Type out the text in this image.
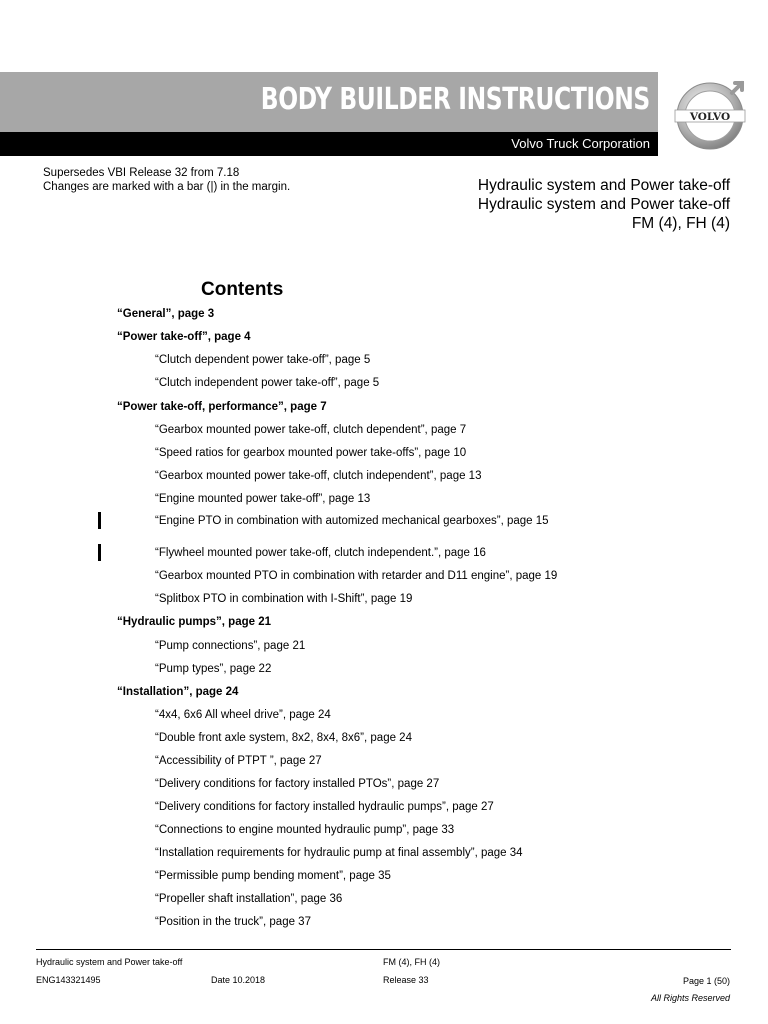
BODY BUILDER INSTRUCTIONS
Volvo Truck Corporation
VOLVO
Supersedes VBI Release 32 from 7.18
Changes are marked with a bar (|) in the margin.	Hydraulic system and Power take-off
Hydraulic system and Power take-off
FM (4), FH (4)
Contents
“General”, page 3
“Power take-off”, page 4
“Clutch dependent power take-off”, page 5
“Clutch independent power take-off”, page 5
“Power take-off, performance”, page 7
“Gearbox mounted power take-off, clutch dependent”, page 7
“Speed ratios for gearbox mounted power take-offs”, page 10
“Gearbox mounted power take-off, clutch independent”, page 13
“Engine mounted power take-off”, page 13
“Engine PTO in combination with automized mechanical gearboxes”, page 15
“Flywheel mounted power take-off, clutch independent.”, page 16
“Gearbox mounted PTO in combination with retarder and D11 engine”, page 19
“Splitbox PTO in combination with I-Shift”, page 19
“Hydraulic pumps”, page 21
“Pump connections”, page 21
“Pump types”, page 22
“Installation”, page 24
“4x4, 6x6 All wheel drive”, page 24
“Double front axle system, 8x2, 8x4, 8x6”, page 24
“Accessibility of PTPT ”, page 27
“Delivery conditions for factory installed PTOs”, page 27
“Delivery conditions for factory installed hydraulic pumps”, page 27
“Connections to engine mounted hydraulic pump”, page 33
“Installation requirements for hydraulic pump at final assembly”, page 34
“Permissible pump bending moment”, page 35
“Propeller shaft installation”, page 36
“Position in the truck”, page 37
Hydraulic system and Power take-off	FM (4), FH (4)
ENG143321495	Date 10.2018	Release 33	Page 1 (50)
All Rights Reserved
